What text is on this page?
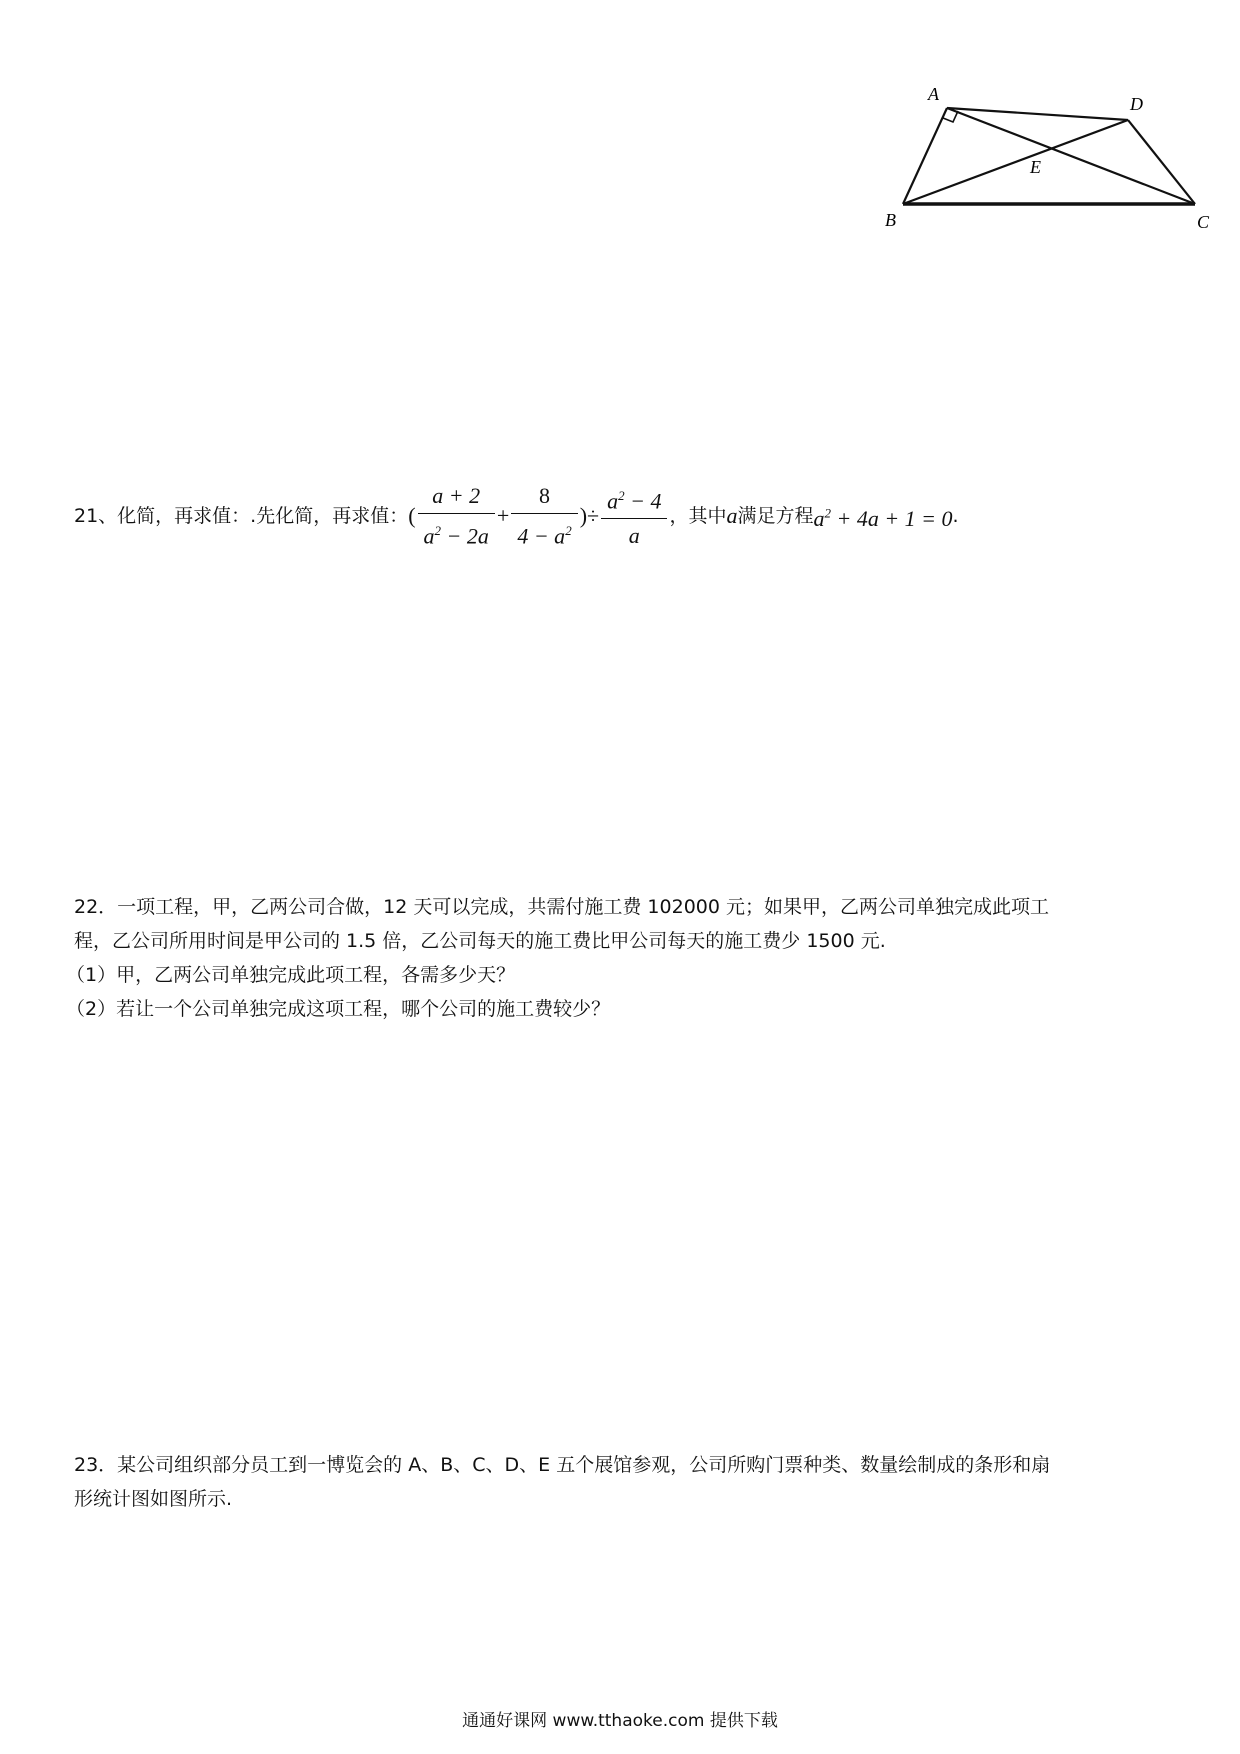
A	D
E
B	C
21、化简，再求值：.先化简，再求值：( $\frac{a + 2}{a^2 - 2a} + \frac{8}{4 - a^2}$ )÷ $\frac{a^2 - 4}{a}$ ，其中a满足方程$a^2 + 4a + 1 = 0$.
22．一项工程，甲，乙两公司合做，12 天可以完成，共需付施工费 102000 元；如果甲，乙两公司单独完成此项工
程，乙公司所用时间是甲公司的 1.5 倍，乙公司每天的施工费比甲公司每天的施工费少 1500 元.
（1）甲，乙两公司单独完成此项工程，各需多少天？
（2）若让一个公司单独完成这项工程，哪个公司的施工费较少？
23．某公司组织部分员工到一博览会的 A、B、C、D、E 五个展馆参观，公司所购门票种类、数量绘制成的条形和扇
形统计图如图所示.
通通好课网 www.tthaoke.com 提供下载
